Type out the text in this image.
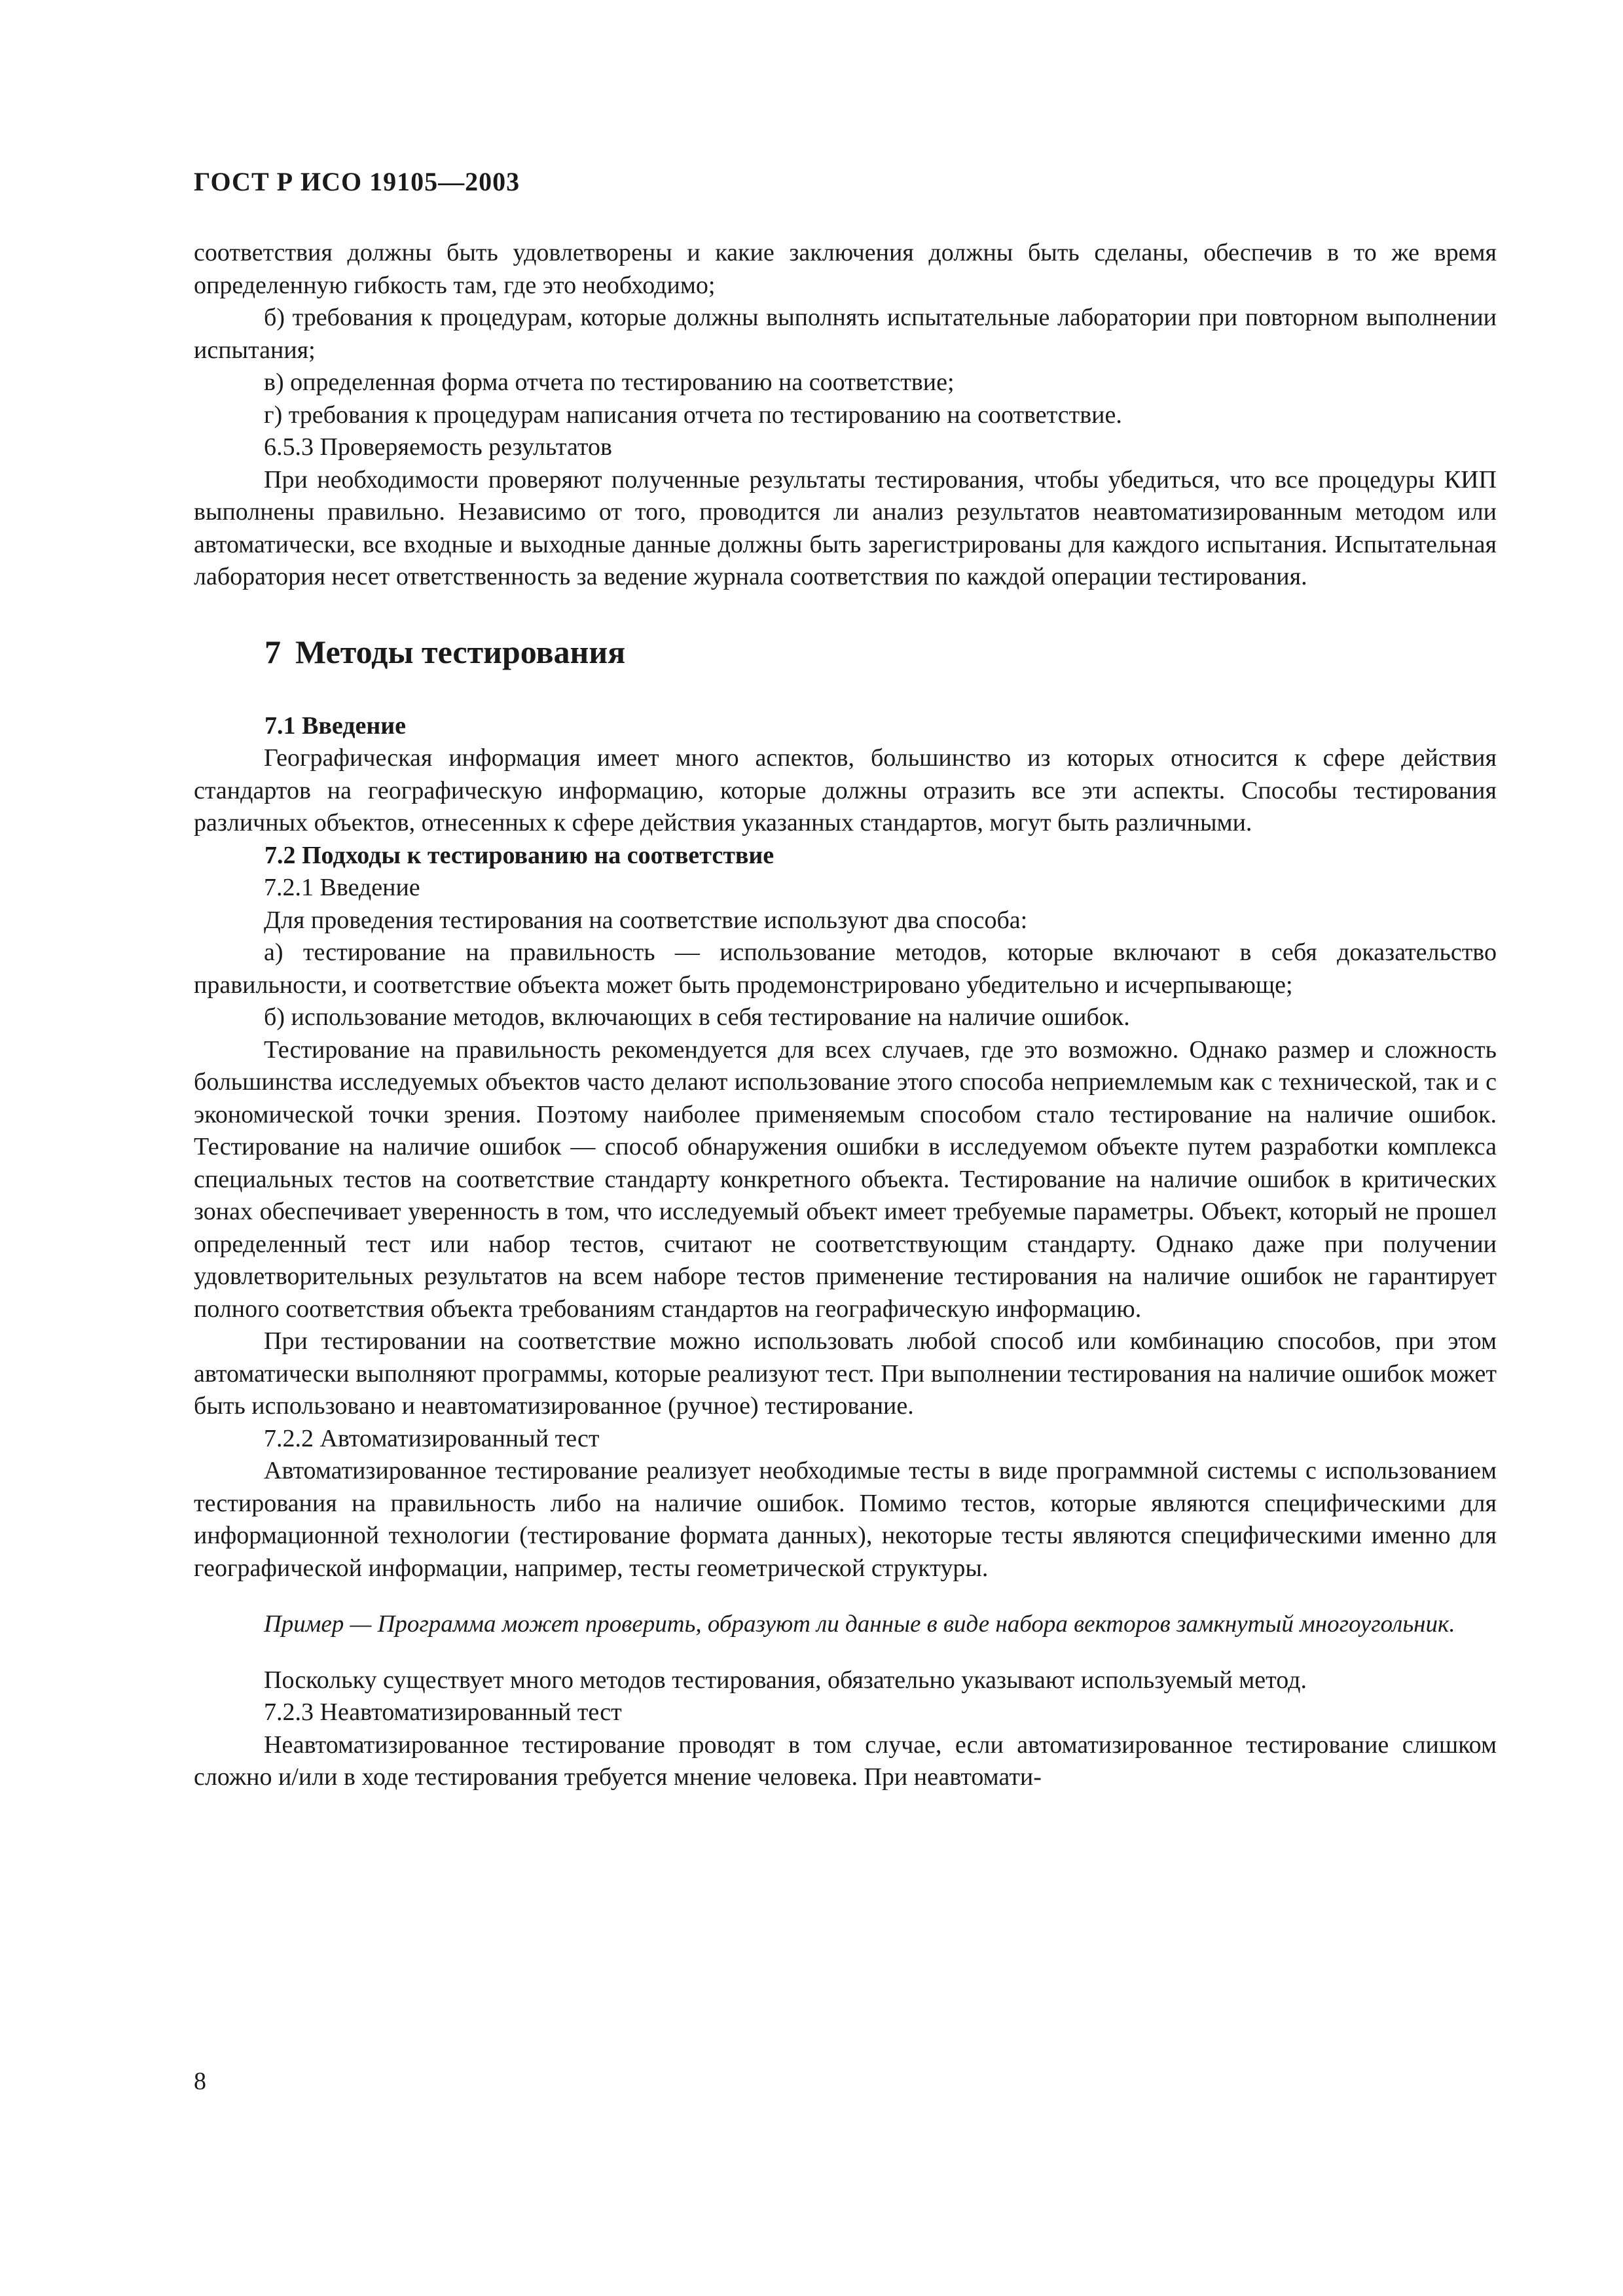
ГОСТ Р ИСО 19105—2003

соответствия должны быть удовлетворены и какие заключения должны быть сделаны, обеспечив в то же время определенную гибкость там, где это необходимо;

б) требования к процедурам, которые должны выполнять испытательные лаборатории при повторном выполнении испытания;

в) определенная форма отчета по тестированию на соответствие;

г) требования к процедурам написания отчета по тестированию на соответствие.

6.5.3 Проверяемость результатов

При необходимости проверяют полученные результаты тестирования, чтобы убедиться, что все процедуры КИП выполнены правильно. Независимо от того, проводится ли анализ результатов неавтоматизированным методом или автоматически, все входные и выходные данные должны быть зарегистрированы для каждого испытания. Испытательная лаборатория несет ответственность за ведение журнала соответствия по каждой операции тестирования.

7 Методы тестирования
7.1 Введение

Географическая информация имеет много аспектов, большинство из которых относится к сфере действия стандартов на географическую информацию, которые должны отразить все эти аспекты. Способы тестирования различных объектов, отнесенных к сфере действия указанных стандартов, могут быть различными.

7.2 Подходы к тестированию на соответствие

7.2.1 Введение

Для проведения тестирования на соответствие используют два способа:

а) тестирование на правильность — использование методов, которые включают в себя доказательство правильности, и соответствие объекта может быть продемонстрировано убедительно и исчерпывающе;

б) использование методов, включающих в себя тестирование на наличие ошибок.

Тестирование на правильность рекомендуется для всех случаев, где это возможно. Однако размер и сложность большинства исследуемых объектов часто делают использование этого способа неприемлемым как с технической, так и с экономической точки зрения. Поэтому наиболее применяемым способом стало тестирование на наличие ошибок. Тестирование на наличие ошибок — способ обнаружения ошибки в исследуемом объекте путем разработки комплекса специальных тестов на соответствие стандарту конкретного объекта. Тестирование на наличие ошибок в критических зонах обеспечивает уверенность в том, что исследуемый объект имеет требуемые параметры. Объект, который не прошел определенный тест или набор тестов, считают не соответствующим стандарту. Однако даже при получении удовлетворительных результатов на всем наборе тестов применение тестирования на наличие ошибок не гарантирует полного соответствия объекта требованиям стандартов на географическую информацию.

При тестировании на соответствие можно использовать любой способ или комбинацию способов, при этом автоматически выполняют программы, которые реализуют тест. При выполнении тестирования на наличие ошибок может быть использовано и неавтоматизированное (ручное) тестирование.

7.2.2 Автоматизированный тест

Автоматизированное тестирование реализует необходимые тесты в виде программной системы с использованием тестирования на правильность либо на наличие ошибок. Помимо тестов, которые являются специфическими для информационной технологии (тестирование формата данных), некоторые тесты являются специфическими именно для географической информации, например, тесты геометрической структуры.

Пример — Программа может проверить, образуют ли данные в виде набора векторов замкнутый многоугольник.

Поскольку существует много методов тестирования, обязательно указывают используемый метод.

7.2.3 Неавтоматизированный тест

Неавтоматизированное тестирование проводят в том случае, если автоматизированное тестирование слишком сложно и/или в ходе тестирования требуется мнение человека. При неавтомати-

8
